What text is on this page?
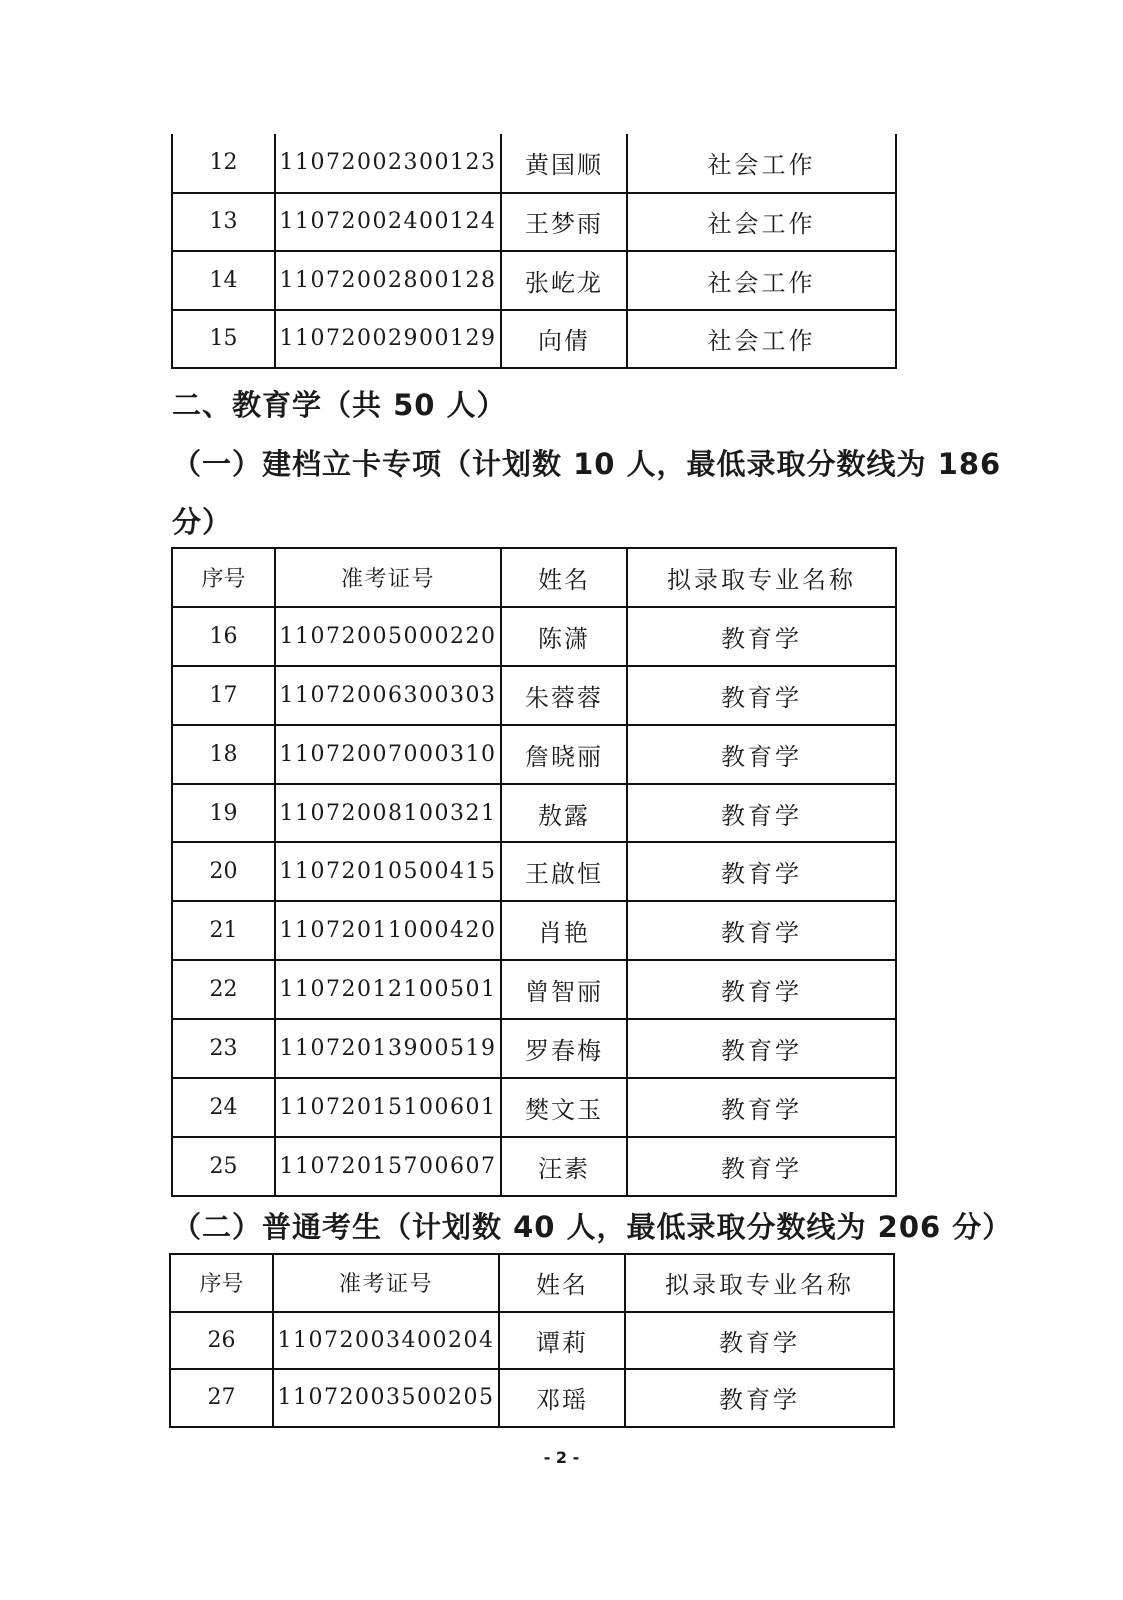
12	11072002300123	黄国顺	社会工作
13	11072002400124	王梦雨	社会工作
14	11072002800128	张屹龙	社会工作
15	11072002900129	向倩	社会工作
二、教育学（共 50 人）
（一）建档立卡专项（计划数 10 人，最低录取分数线为 186
分）
序号	准考证号	姓名	拟录取专业名称
16	11072005000220	陈潇	教育学
17	11072006300303	朱蓉蓉	教育学
18	11072007000310	詹晓丽	教育学
19	11072008100321	敖露	教育学
20	11072010500415	王啟恒	教育学
21	11072011000420	肖艳	教育学
22	11072012100501	曾智丽	教育学
23	11072013900519	罗春梅	教育学
24	11072015100601	樊文玉	教育学
25	11072015700607	汪素	教育学
（二）普通考生（计划数 40 人，最低录取分数线为 206 分）
序号	准考证号	姓名	拟录取专业名称
26	11072003400204	谭莉	教育学
27	11072003500205	邓瑶	教育学
- 2 -
